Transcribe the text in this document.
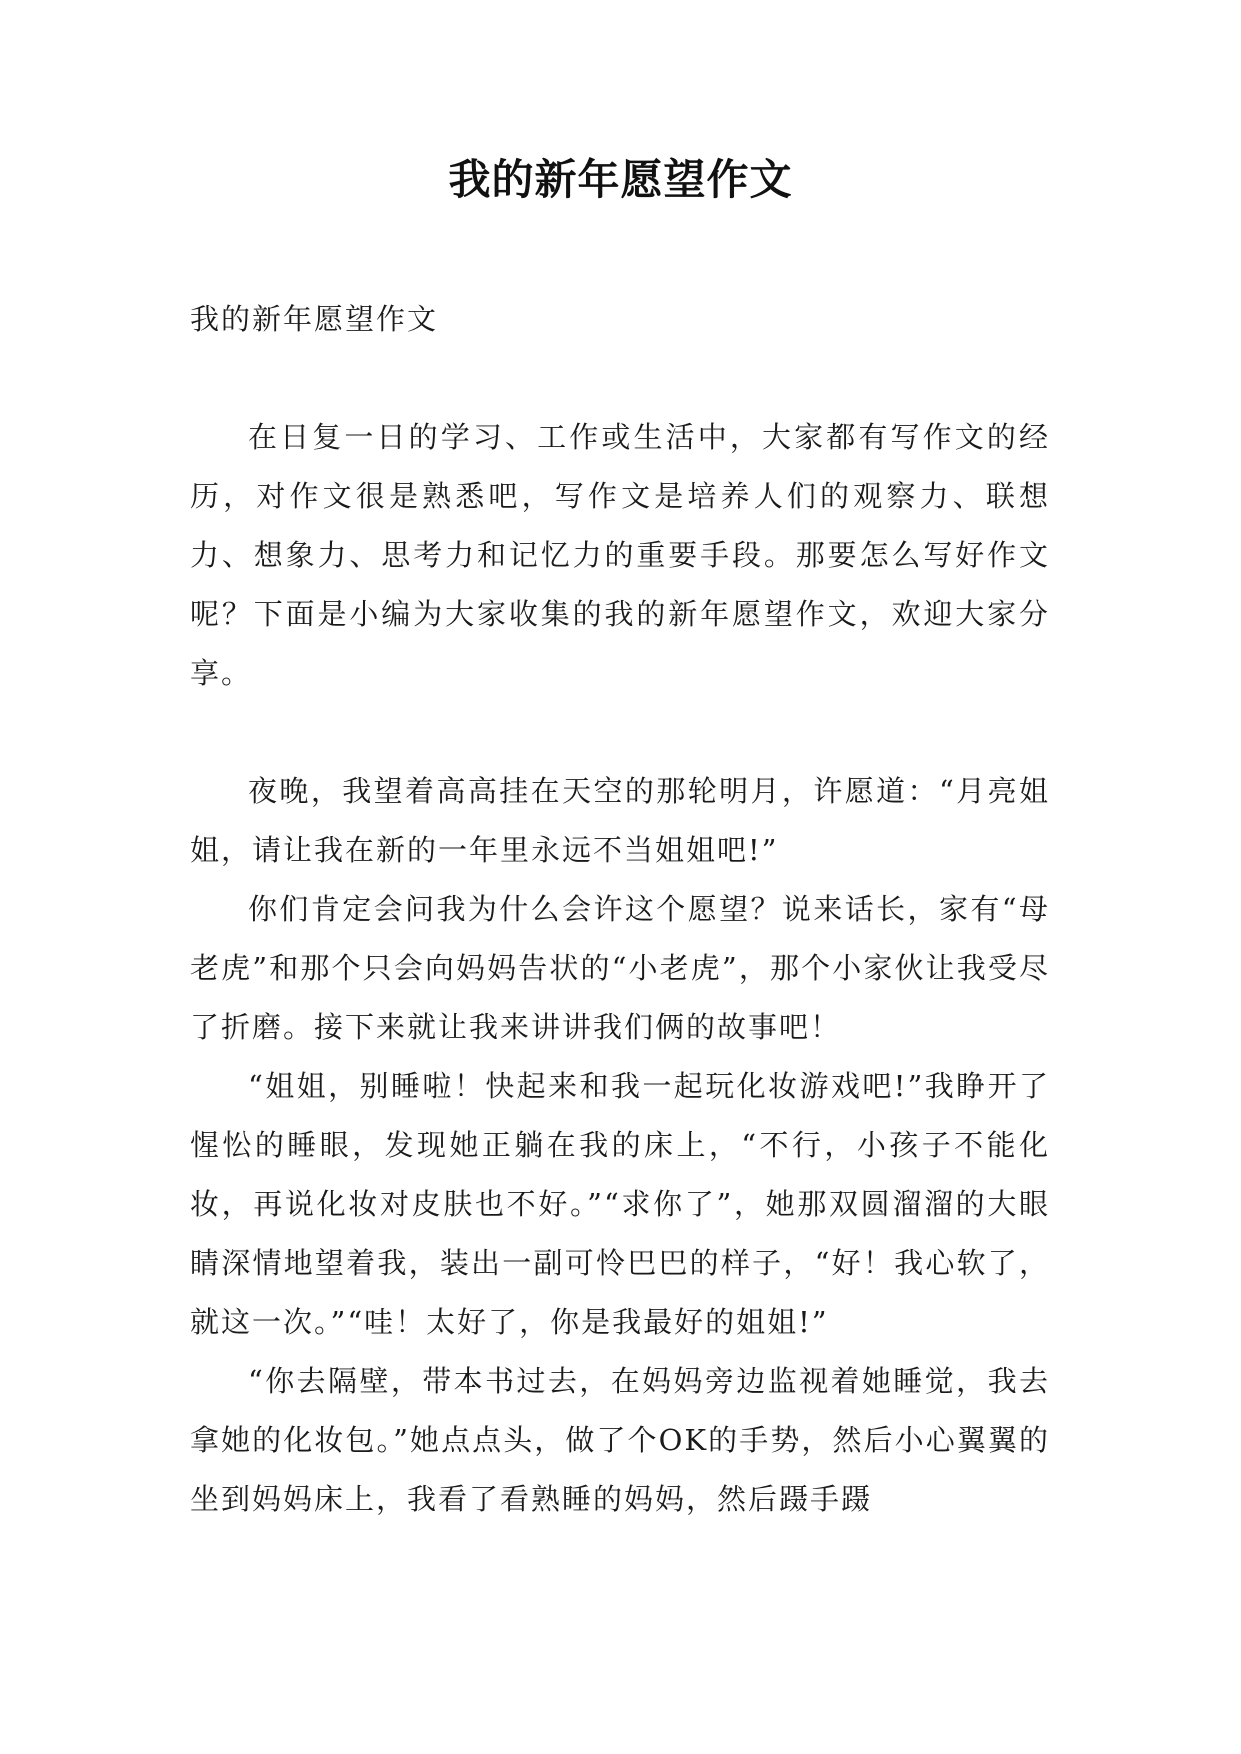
我的新年愿望作文

我的新年愿望作文

在日复一日的学习、工作或生活中，大家都有写作文的经历，对作文很是熟悉吧，写作文是培养人们的观察力、联想力、想象力、思考力和记忆力的重要手段。那要怎么写好作文呢？下面是小编为大家收集的我的新年愿望作文，欢迎大家分享。

夜晚，我望着高高挂在天空的那轮明月，许愿道：“月亮姐姐，请让我在新的一年里永远不当姐姐吧!”

你们肯定会问我为什么会许这个愿望？说来话长，家有“母老虎”和那个只会向妈妈告状的“小老虎”，那个小家伙让我受尽了折磨。接下来就让我来讲讲我们俩的故事吧！

“姐姐，别睡啦！快起来和我一起玩化妆游戏吧!”我睁开了惺忪的睡眼，发现她正躺在我的床上，“不行，小孩子不能化妆，再说化妆对皮肤也不好。”“求你了”，她那双圆溜溜的大眼睛深情地望着我，装出一副可怜巴巴的样子，“好！我心软了，就这一次。”“哇！太好了，你是我最好的姐姐!”

“你去隔壁，带本书过去，在妈妈旁边监视着她睡觉，我去拿她的化妆包。”她点点头，做了个OK的手势，然后小心翼翼的坐到妈妈床上，我看了看熟睡的妈妈，然后蹑手蹑
